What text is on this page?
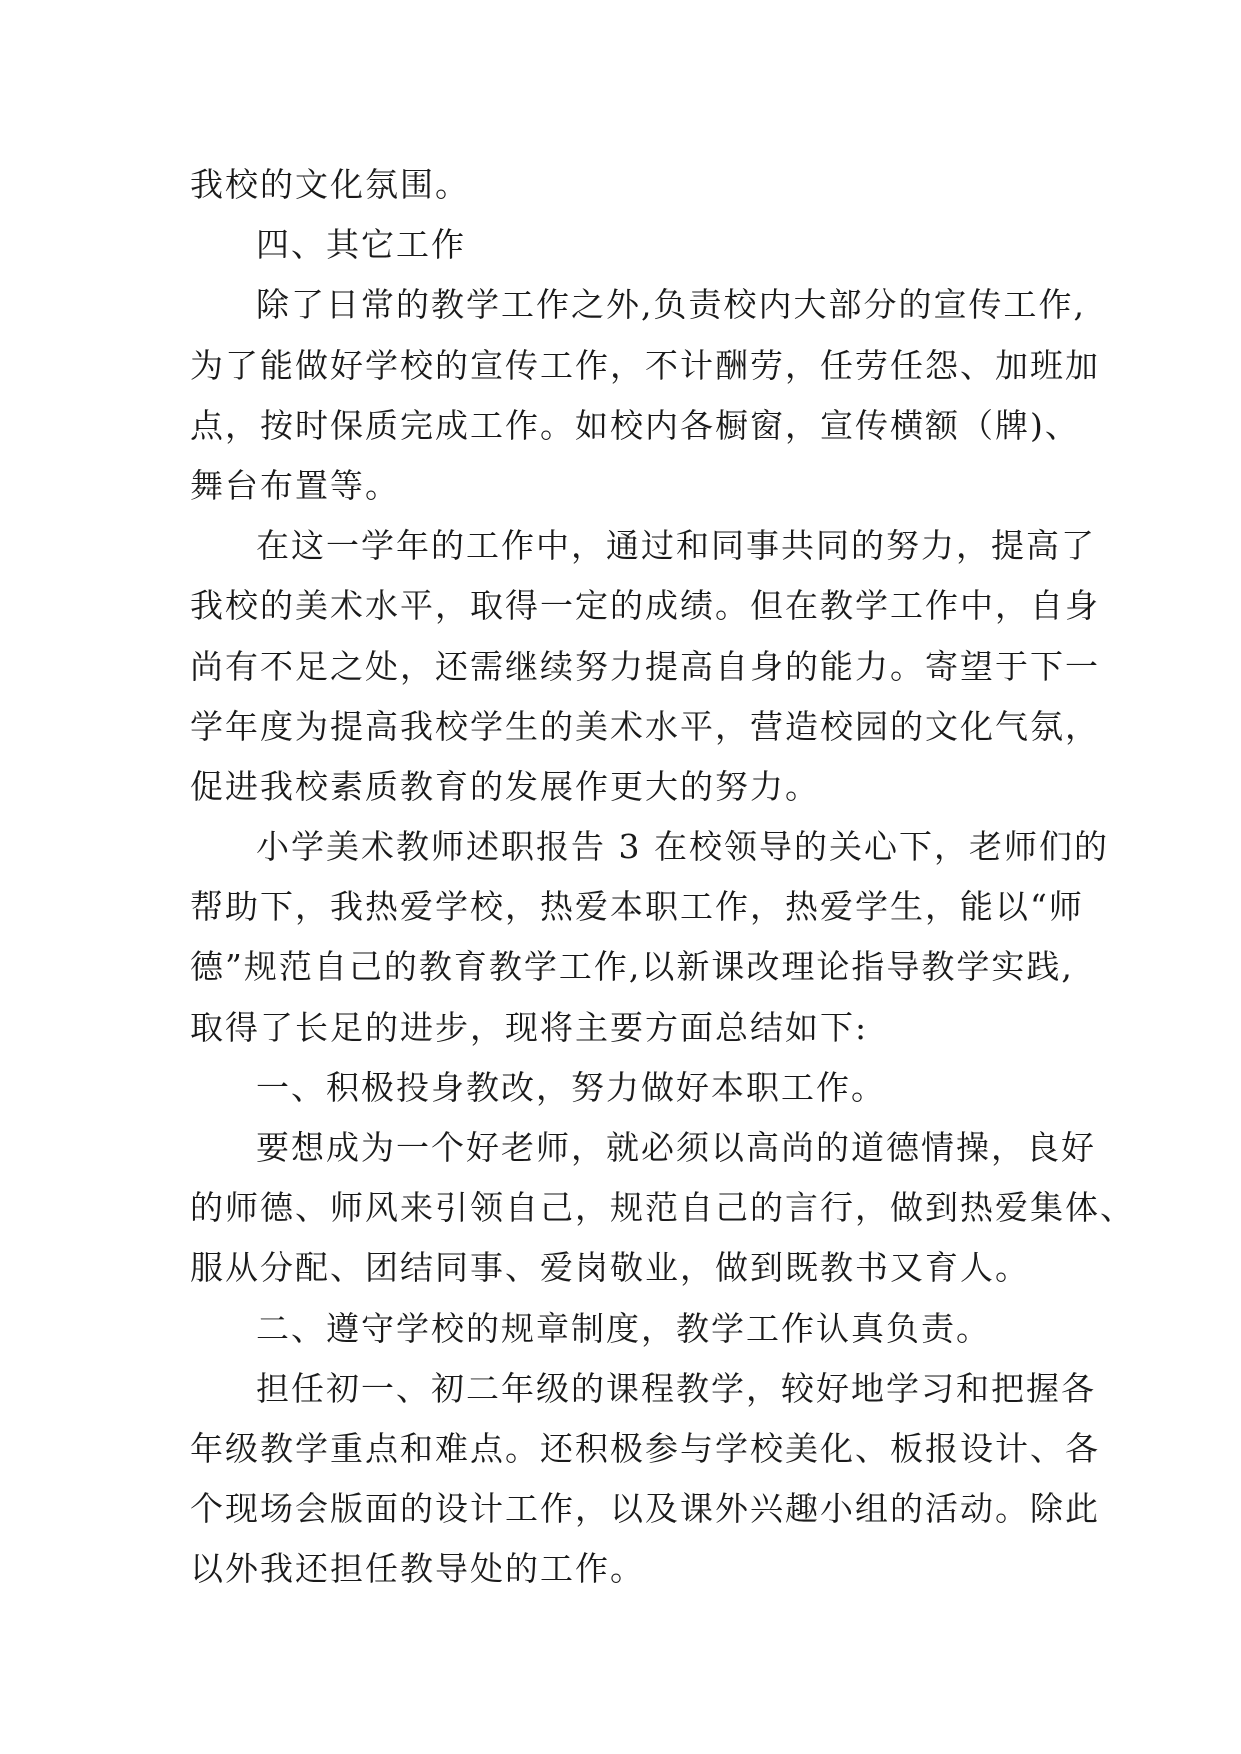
我校的文化氛围。
四、其它工作
除了日常的教学工作之外,负责校内大部分的宣传工作,
为了能做好学校的宣传工作，不计酬劳，任劳任怨、加班加
点，按时保质完成工作。如校内各橱窗，宣传横额（牌)、
舞台布置等。
在这一学年的工作中，通过和同事共同的努力，提高了
我校的美术水平，取得一定的成绩。但在教学工作中，自身
尚有不足之处，还需继续努力提高自身的能力。寄望于下一
学年度为提高我校学生的美术水平，营造校园的文化气氛，
促进我校素质教育的发展作更大的努力。
小学美术教师述职报告 3 在校领导的关心下，老师们的
帮助下，我热爱学校，热爱本职工作，热爱学生，能以“师
德”规范自己的教育教学工作,以新课改理论指导教学实践,
取得了长足的进步，现将主要方面总结如下:
一、积极投身教改，努力做好本职工作。
要想成为一个好老师，就必须以高尚的道德情操，良好
的师德、师风来引领自己，规范自己的言行，做到热爱集体、
服从分配、团结同事、爱岗敬业，做到既教书又育人。
二、遵守学校的规章制度，教学工作认真负责。
担任初一、初二年级的课程教学，较好地学习和把握各
年级教学重点和难点。还积极参与学校美化、板报设计、各
个现场会版面的设计工作，以及课外兴趣小组的活动。除此
以外我还担任教导处的工作。
